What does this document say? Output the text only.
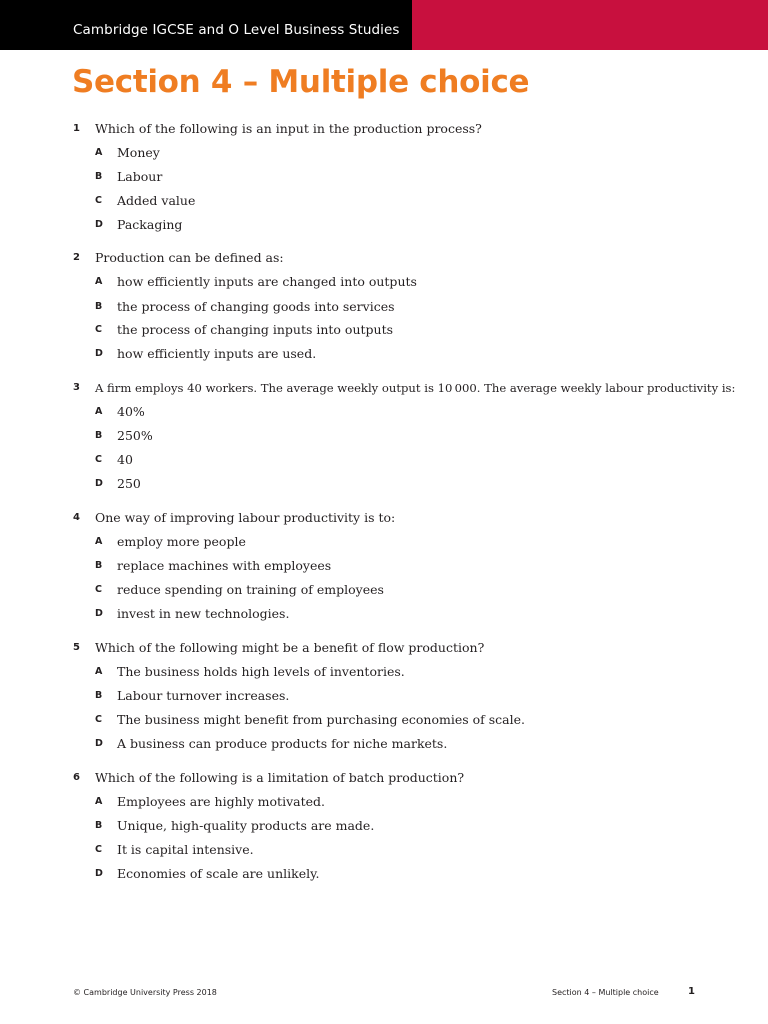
Cambridge IGCSE and O Level Business Studies
Section 4 – Multiple choice
1 Which of the following is an input in the production process?
A Money
B Labour
C Added value
D Packaging
2 Production can be defined as:
A how efficiently inputs are changed into outputs
B the process of changing goods into services
C the process of changing inputs into outputs
D how efficiently inputs are used.
3 A firm employs 40 workers. The average weekly output is 10 000. The average weekly labour productivity is:
A 40%
B 250%
C 40
D 250
4 One way of improving labour productivity is to:
A employ more people
B replace machines with employees
C reduce spending on training of employees
D invest in new technologies.
5 Which of the following might be a benefit of flow production?
A The business holds high levels of inventories.
B Labour turnover increases.
C The business might benefit from purchasing economies of scale.
D A business can produce products for niche markets.
6 Which of the following is a limitation of batch production?
A Employees are highly motivated.
B Unique, high-quality products are made.
C It is capital intensive.
D Economies of scale are unlikely.
© Cambridge University Press 2018	Section 4 – Multiple choice	1
